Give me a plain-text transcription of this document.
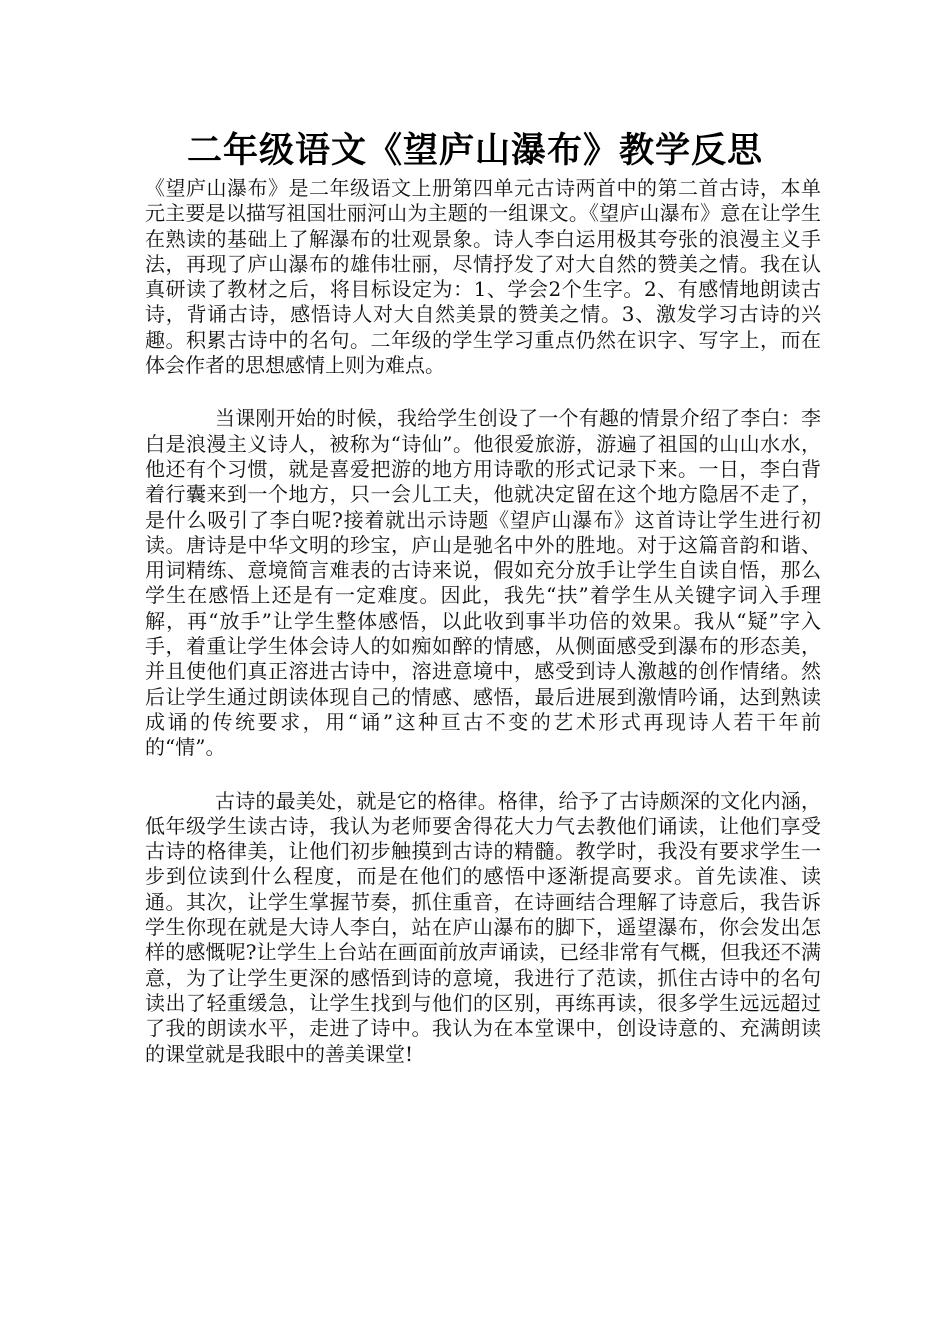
二年级语文《望庐山瀑布》教学反思

《望庐山瀑布》是二年级语文上册第四单元古诗两首中的第二首古诗，本单元主要是以描写祖国壮丽河山为主题的一组课文。《望庐山瀑布》意在让学生在熟读的基础上了解瀑布的壮观景象。诗人李白运用极其夸张的浪漫主义手法，再现了庐山瀑布的雄伟壮丽，尽情抒发了对大自然的赞美之情。我在认真研读了教材之后，将目标设定为：1、学会2个生字。2、有感情地朗读古诗，背诵古诗，感悟诗人对大自然美景的赞美之情。3、激发学习古诗的兴趣。积累古诗中的名句。二年级的学生学习重点仍然在识字、写字上，而在体会作者的思想感情上则为难点。

当课刚开始的时候，我给学生创设了一个有趣的情景介绍了李白：李白是浪漫主义诗人，被称为“诗仙”。他很爱旅游，游遍了祖国的山山水水，他还有个习惯，就是喜爱把游的地方用诗歌的形式记录下来。一日，李白背着行囊来到一个地方，只一会儿工夫，他就决定留在这个地方隐居不走了，是什么吸引了李白呢?接着就出示诗题《望庐山瀑布》这首诗让学生进行初读。唐诗是中华文明的珍宝，庐山是驰名中外的胜地。对于这篇音韵和谐、用词精练、意境简言难表的古诗来说，假如充分放手让学生自读自悟，那么学生在感悟上还是有一定难度。因此，我先“扶”着学生从关键字词入手理解，再“放手”让学生整体感悟，以此收到事半功倍的效果。我从“疑”字入手，着重让学生体会诗人的如痴如醉的情感，从侧面感受到瀑布的形态美，并且使他们真正溶进古诗中，溶进意境中，感受到诗人激越的创作情绪。然后让学生通过朗读体现自己的情感、感悟，最后进展到激情吟诵，达到熟读成诵的传统要求，用“诵”这种亘古不变的艺术形式再现诗人若干年前的“情”。

古诗的最美处，就是它的格律。格律，给予了古诗颇深的文化内涵，低年级学生读古诗，我认为老师要舍得花大力气去教他们诵读，让他们享受古诗的格律美，让他们初步触摸到古诗的精髓。教学时，我没有要求学生一步到位读到什么程度，而是在他们的感悟中逐渐提高要求。首先读准、读通。其次，让学生掌握节奏，抓住重音，在诗画结合理解了诗意后，我告诉学生你现在就是大诗人李白，站在庐山瀑布的脚下，遥望瀑布，你会发出怎样的感慨呢?让学生上台站在画面前放声诵读，已经非常有气概，但我还不满意，为了让学生更深的感悟到诗的意境，我进行了范读，抓住古诗中的名句读出了轻重缓急，让学生找到与他们的区别，再练再读，很多学生远远超过了我的朗读水平，走进了诗中。我认为在本堂课中，创设诗意的、充满朗读的课堂就是我眼中的善美课堂!
